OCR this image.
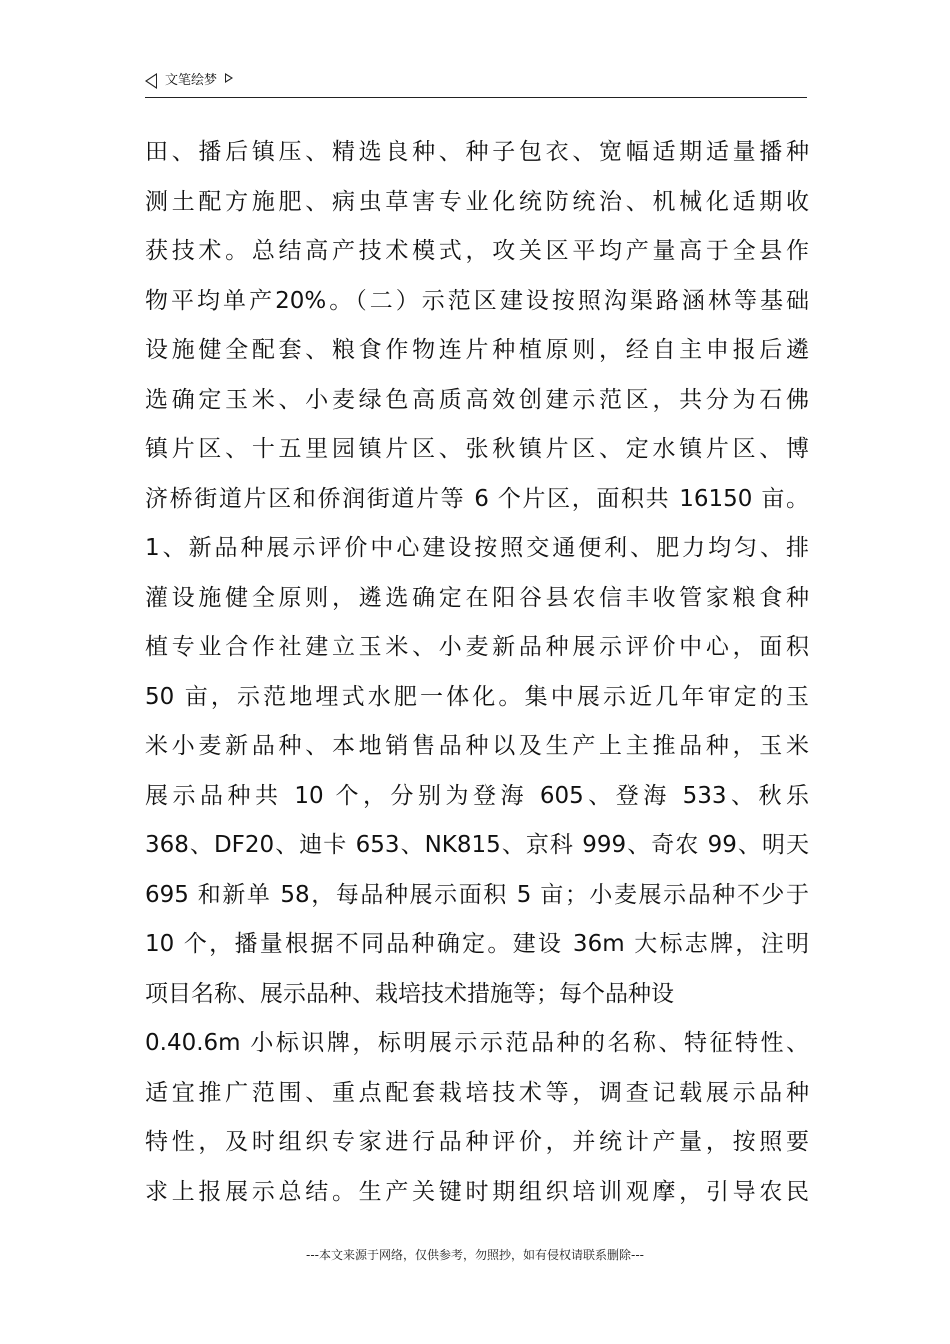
文笔绘梦
田、播后镇压、精选良种、种子包衣、宽幅适期适量播种
测土配方施肥、病虫草害专业化统防统治、机械化适期收
获技术。总结高产技术模式，攻关区平均产量高于全县作
物平均单产20%。（二）示范区建设按照沟渠路涵林等基础
设施健全配套、粮食作物连片种植原则，经自主申报后遴
选确定玉米、小麦绿色高质高效创建示范区，共分为石佛
镇片区、十五里园镇片区、张秋镇片区、定水镇片区、博
济桥街道片区和侨润街道片等 6 个片区，面积共 16150 亩。
1、新品种展示评价中心建设按照交通便利、肥力均匀、排
灌设施健全原则，遴选确定在阳谷县农信丰收管家粮食种
植专业合作社建立玉米、小麦新品种展示评价中心，面积
50 亩，示范地埋式水肥一体化。集中展示近几年审定的玉
米小麦新品种、本地销售品种以及生产上主推品种，玉米
展示品种共 10 个，分别为登海 605、登海 533、秋乐
368、DF20、迪卡 653、NK815、京科 999、奇农 99、明天
695 和新单 58，每品种展示面积 5 亩；小麦展示品种不少于
10 个，播量根据不同品种确定。建设 36m 大标志牌，注明
项目名称、展示品种、栽培技术措施等；每个品种设
0.40.6m 小标识牌，标明展示示范品种的名称、特征特性、
适宜推广范围、重点配套栽培技术等，调查记载展示品种
特性，及时组织专家进行品种评价，并统计产量，按照要
求上报展示总结。生产关键时期组织培训观摩，引导农民
---本文来源于网络，仅供参考，勿照抄，如有侵权请联系删除---
